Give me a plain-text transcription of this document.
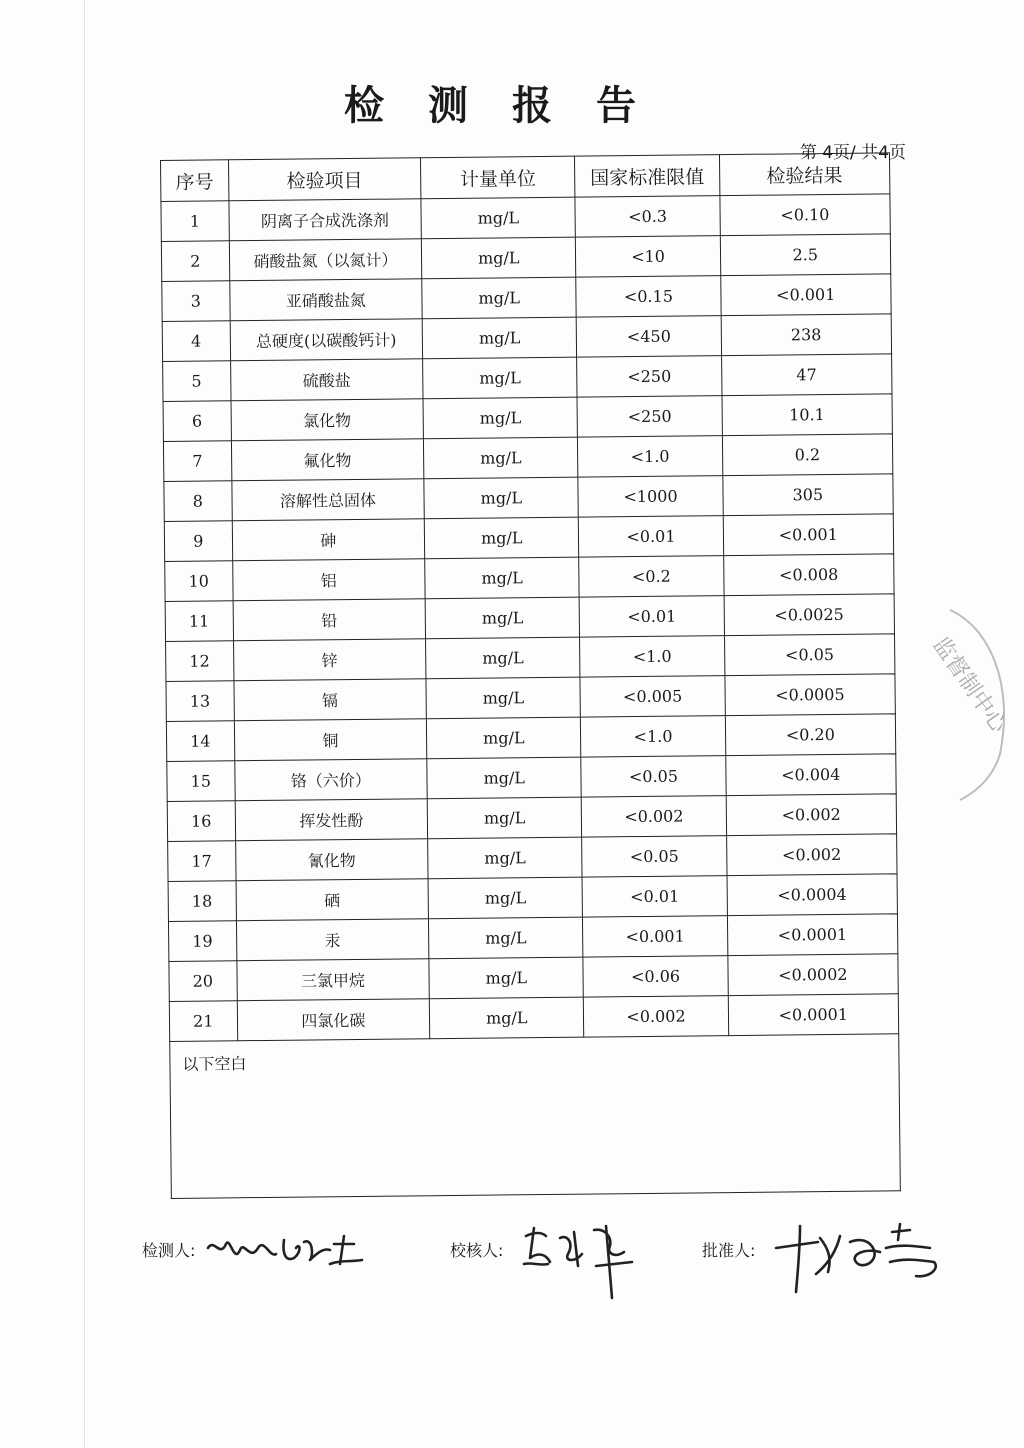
检测报告
第 4页/ 共4页
序号	检验项目	计量单位	国家标准限值	检验结果
1	阴离子合成洗涤剂	mg/L	<0.3	<0.10
2	硝酸盐氮（以氮计）	mg/L	<10	2.5
3	亚硝酸盐氮	mg/L	<0.15	<0.001
4	总硬度(以碳酸钙计)	mg/L	<450	238
5	硫酸盐	mg/L	<250	47
6	氯化物	mg/L	<250	10.1
7	氟化物	mg/L	<1.0	0.2
8	溶解性总固体	mg/L	<1000	305
9	砷	mg/L	<0.01	<0.001
10	铝	mg/L	<0.2	<0.008
11	铅	mg/L	<0.01	<0.0025
12	锌	mg/L	<1.0	<0.05
13	镉	mg/L	<0.005	<0.0005
14	铜	mg/L	<1.0	<0.20
15	铬（六价）	mg/L	<0.05	<0.004
16	挥发性酚	mg/L	<0.002	<0.002
17	氰化物	mg/L	<0.05	<0.002
18	硒	mg/L	<0.01	<0.0004
19	汞	mg/L	<0.001	<0.0001
20	三氯甲烷	mg/L	<0.06	<0.0002
21	四氯化碳	mg/L	<0.002	<0.0001
以下空白				
检测人:	校核人:	批准人:
监督制中心
